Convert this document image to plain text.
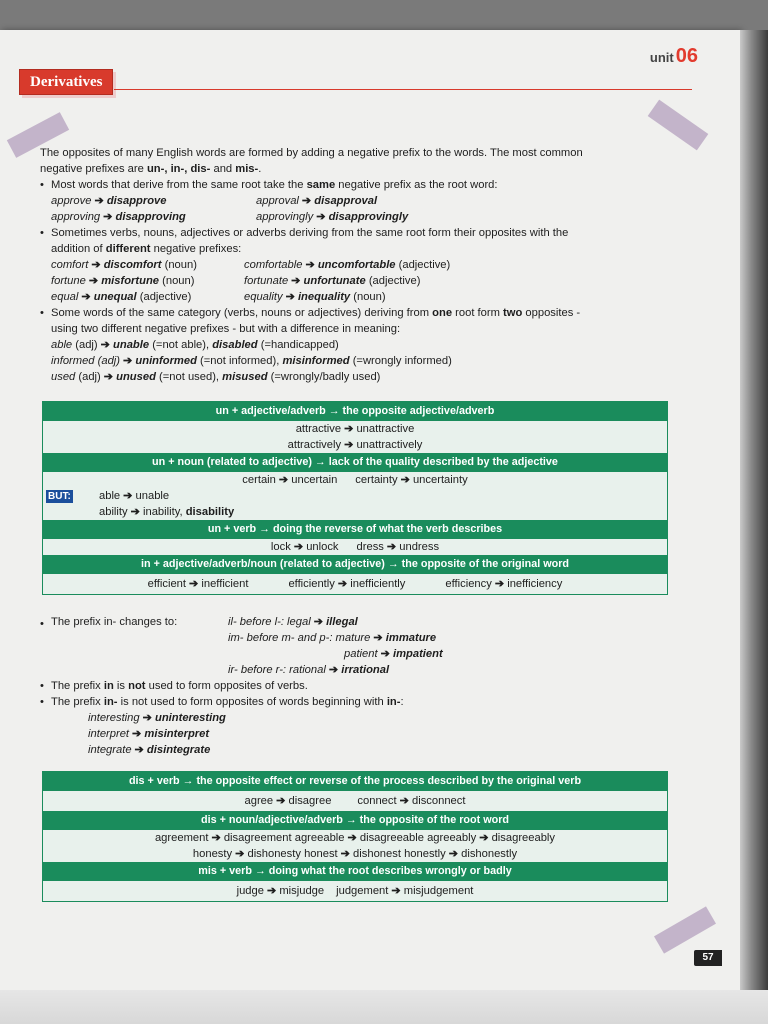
unit 06
Derivatives

The opposites of many English words are formed by adding a negative prefix to the words. The most common

negative prefixes are un-, in-, dis- and mis-.

• Most words that derive from the same root take the same negative prefix as the root word:

approve ➔ disapprove	approval ➔ disapproval
approving ➔ disapproving	approvingly ➔ disapprovingly

• Sometimes verbs, nouns, adjectives or adverbs deriving from the same root form their opposites with the

addition of different negative prefixes:

comfort ➔ discomfort (noun)	comfortable ➔ uncomfortable (adjective)
fortune ➔ misfortune (noun)	fortunate ➔ unfortunate (adjective)
equal ➔ unequal (adjective)	equality ➔ inequality (noun)

• Some words of the same category (verbs, nouns or adjectives) deriving from one root form two opposites -

using two different negative prefixes - but with a difference in meaning:

able (adj) ➔ unable (=not able), disabled (=handicapped)
informed (adj) ➔ uninformed (=not informed), misinformed (=wrongly informed)
used (adj) ➔ unused (=not used), misused (=wrongly/badly used)
un + adjective/adverb → the opposite adjective/adverb
attractive ➔ unattractive
attractively ➔ unattractively
un + noun (related to adjective) → lack of the quality described by the adjective
certain ➔ uncertain certainty ➔ uncertainty
BUT:	able ➔ unable
ability ➔ inability, disability
un + verb → doing the reverse of what the verb describes
lock ➔ unlock dress ➔ undress
in + adjective/adverb/noun (related to adjective) → the opposite of the original word
efficient ➔ inefficient	efficiently ➔ inefficiently	efficiency ➔ inefficiency
• The prefix in- changes to:	il- before l-: legal ➔ illegal
im- before m- and p-: mature ➔ immature
patient ➔ impatient
ir- before r-: rational ➔ irrational

• The prefix in is not used to form opposites of verbs.

• The prefix in- is not used to form opposites of words beginning with in-:

interesting ➔ uninteresting
interpret ➔ misinterpret
integrate ➔ disintegrate
dis + verb → the opposite effect or reverse of the process described by the original verb
agree ➔ disagree connect ➔ disconnect
dis + noun/adjective/adverb → the opposite of the root word
agreement ➔ disagreement agreeable ➔ disagreeable agreeably ➔ disagreeably
honesty ➔ dishonesty honest ➔ dishonest honestly ➔ dishonestly
mis + verb → doing what the root describes wrongly or badly
judge ➔ misjudge judgement ➔ misjudgement
57
